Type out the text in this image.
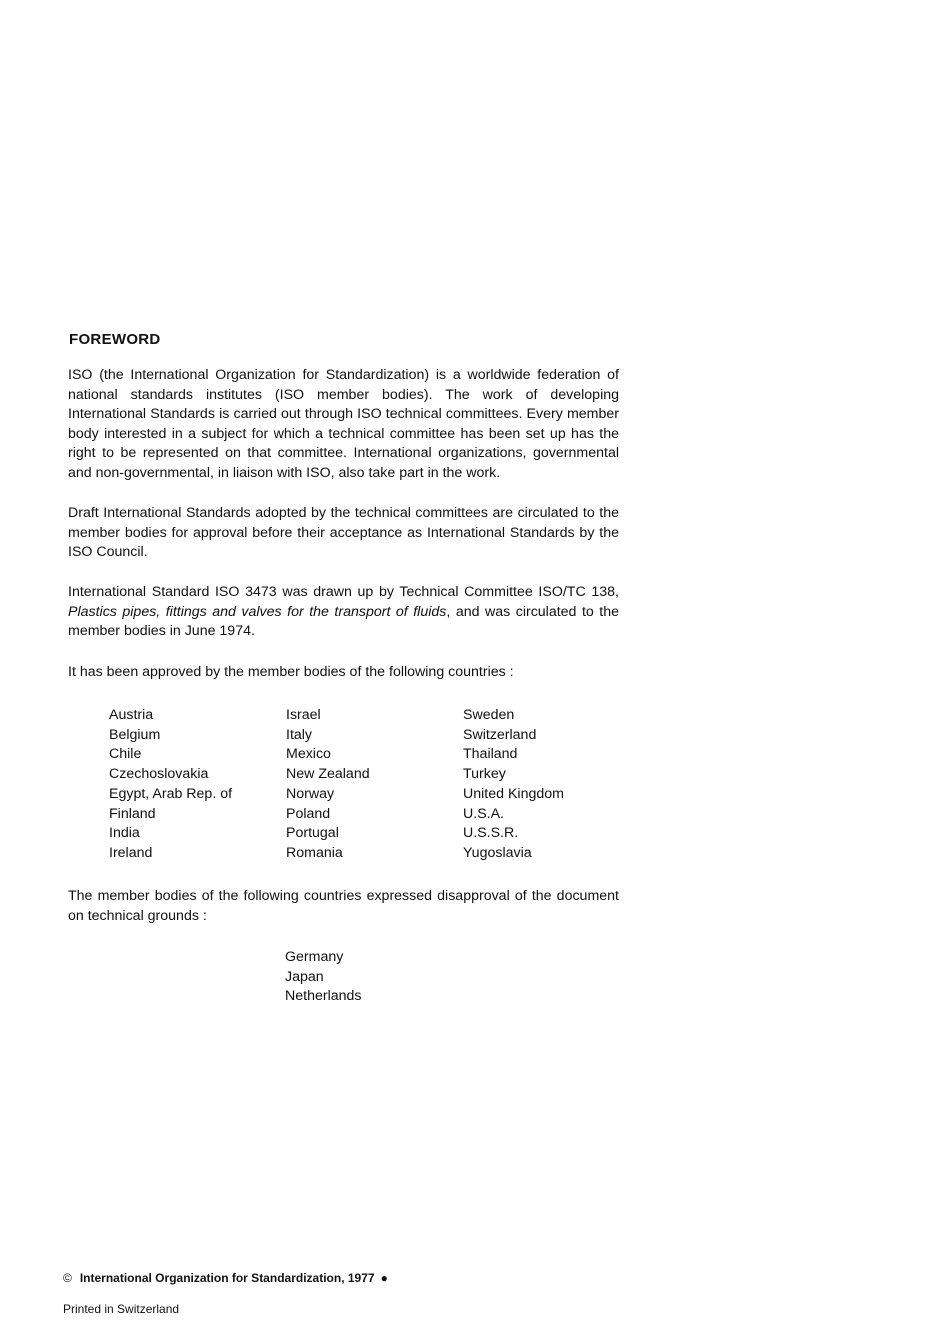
FOREWORD

ISO (the International Organization for Standardization) is a worldwide federation of national standards institutes (ISO member bodies). The work of developing International Standards is carried out through ISO technical committees. Every member body interested in a subject for which a technical committee has been set up has the right to be represented on that committee. International organizations, governmental and non-governmental, in liaison with ISO, also take part in the work.

Draft International Standards adopted by the technical committees are circulated to the member bodies for approval before their acceptance as International Standards by the ISO Council.

International Standard ISO 3473 was drawn up by Technical Committee ISO/TC 138, Plastics pipes, fittings and valves for the transport of fluids, and was circulated to the member bodies in June 1974.

It has been approved by the member bodies of the following countries :

Austria
Belgium
Chile
Czechoslovakia
Egypt, Arab Rep. of
Finland
India
Ireland
Israel
Italy
Mexico
New Zealand
Norway
Poland
Portugal
Romania
Sweden
Switzerland
Thailand
Turkey
United Kingdom
U.S.A.
U.S.S.R.
Yugoslavia

The member bodies of the following countries expressed disapproval of the document on technical grounds :

Germany
Japan
Netherlands
© International Organization for Standardization, 1977 ●
Printed in Switzerland
